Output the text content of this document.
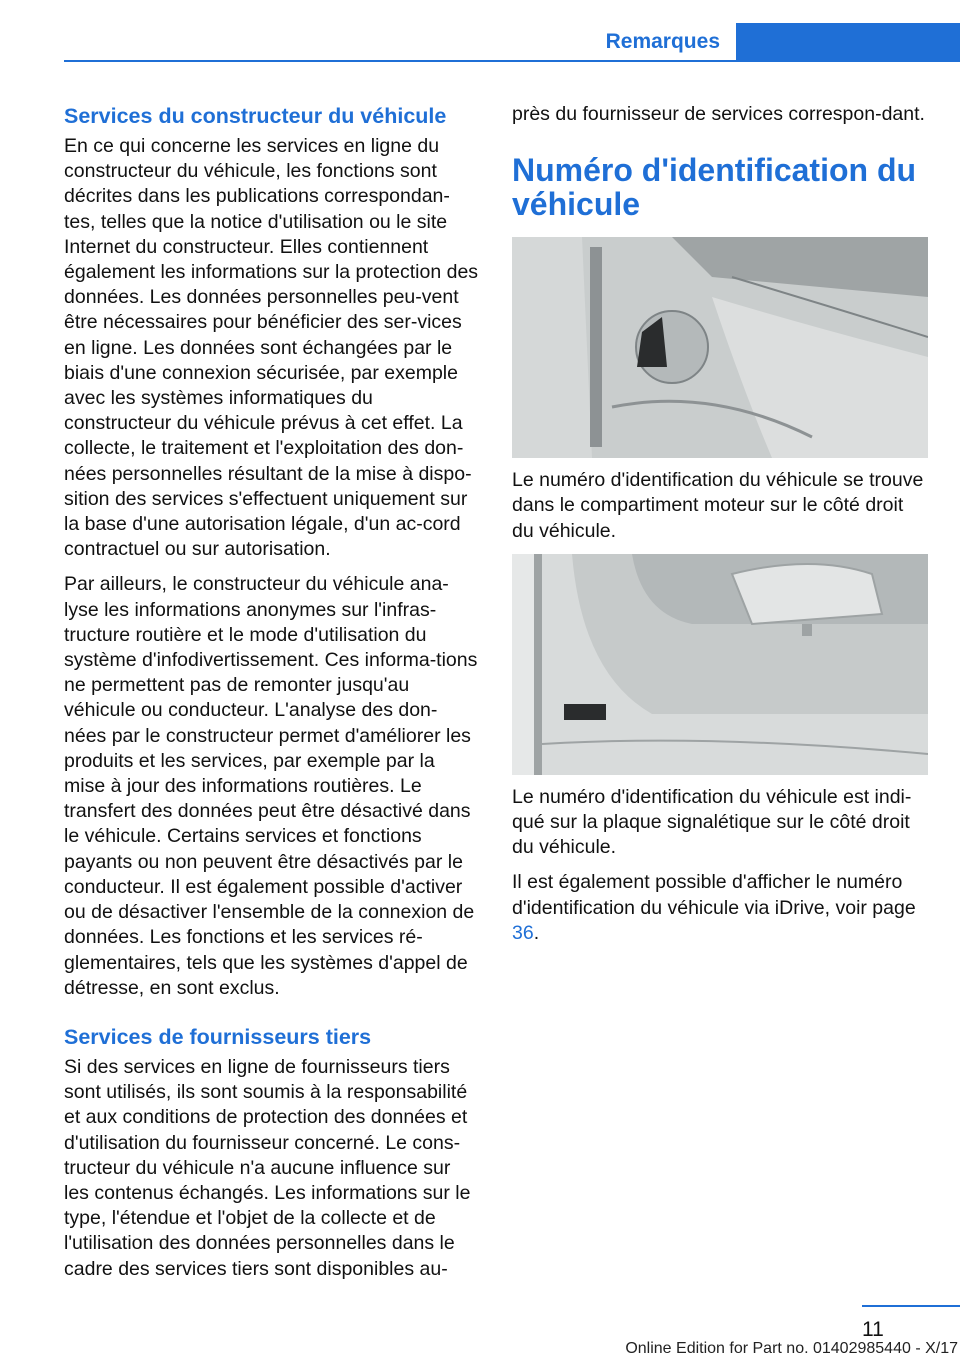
Remarques
Services du constructeur du véhicule

En ce qui concerne les services en ligne du constructeur du véhicule, les fonctions sont décrites dans les publications correspondan-tes, telles que la notice d'utilisation ou le site Internet du constructeur. Elles contiennent également les informations sur la protection des données. Les données personnelles peu-vent être nécessaires pour bénéficier des ser-vices en ligne. Les données sont échangées par le biais d'une connexion sécurisée, par exemple avec les systèmes informatiques du constructeur du véhicule prévus à cet effet. La collecte, le traitement et l'exploitation des don-nées personnelles résultant de la mise à dispo-sition des services s'effectuent uniquement sur la base d'une autorisation légale, d'un ac-cord contractuel ou sur autorisation.

Par ailleurs, le constructeur du véhicule ana-lyse les informations anonymes sur l'infras-tructure routière et le mode d'utilisation du système d'infodivertissement. Ces informa-tions ne permettent pas de remonter jusqu'au véhicule ou conducteur. L'analyse des don-nées par le constructeur permet d'améliorer les produits et les services, par exemple par la mise à jour des informations routières. Le transfert des données peut être désactivé dans le véhicule. Certains services et fonctions payants ou non peuvent être désactivés par le conducteur. Il est également possible d'activer ou de désactiver l'ensemble de la connexion de données. Les fonctions et les services ré-glementaires, tels que les systèmes d'appel de détresse, en sont exclus.

Services de fournisseurs tiers

Si des services en ligne de fournisseurs tiers sont utilisés, ils sont soumis à la responsabilité et aux conditions de protection des données et d'utilisation du fournisseur concerné. Le cons-tructeur du véhicule n'a aucune influence sur les contenus échangés. Les informations sur le type, l'étendue et l'objet de la collecte et de l'utilisation des données personnelles dans le cadre des services tiers sont disponibles au-

près du fournisseur de services correspon-dant.

Numéro d'identification du véhicule

Le numéro d'identification du véhicule se trouve dans le compartiment moteur sur le côté droit du véhicule.

Le numéro d'identification du véhicule est indi-qué sur la plaque signalétique sur le côté droit du véhicule.

Il est également possible d'afficher le numéro d'identification du véhicule via iDrive, voir page 36.

11
Online Edition for Part no. 01402985440 - X/17
